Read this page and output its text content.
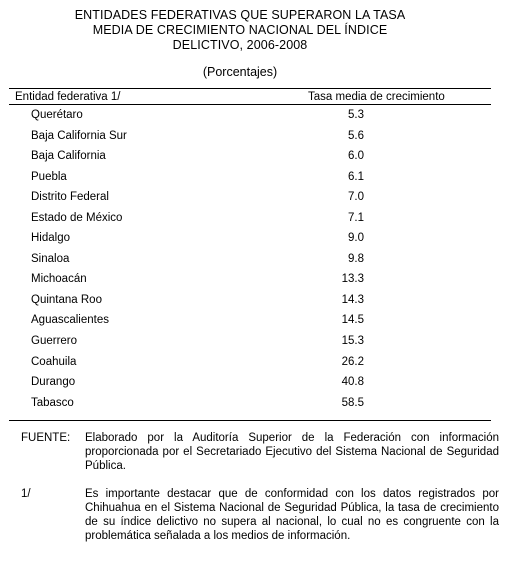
ENTIDADES FEDERATIVAS QUE SUPERARON LA TASA
MEDIA DE CRECIMIENTO NACIONAL DEL ÍNDICE
DELICTIVO, 2006-2008
(Porcentajes)
Entidad federativa 1/	Tasa media de crecimiento
Querétaro	5.3
Baja California Sur	5.6
Baja California	6.0
Puebla	6.1
Distrito Federal	7.0
Estado de México	7.1
Hidalgo	9.0
Sinaloa	9.8
Michoacán	13.3
Quintana Roo	14.3
Aguascalientes	14.5
Guerrero	15.3
Coahuila	26.2
Durango	40.8
Tabasco	58.5
FUENTE: Elaborado por la Auditoría Superior de la Federación con información proporcionada por el Secretariado Ejecutivo del Sistema Nacional de Seguridad Pública.
1/	Es importante destacar que de conformidad con los datos registrados por Chihuahua en el Sistema Nacional de Seguridad Pública, la tasa de crecimiento de su índice delictivo no supera al nacional, lo cual no es congruente con la problemática señalada a los medios de información.
